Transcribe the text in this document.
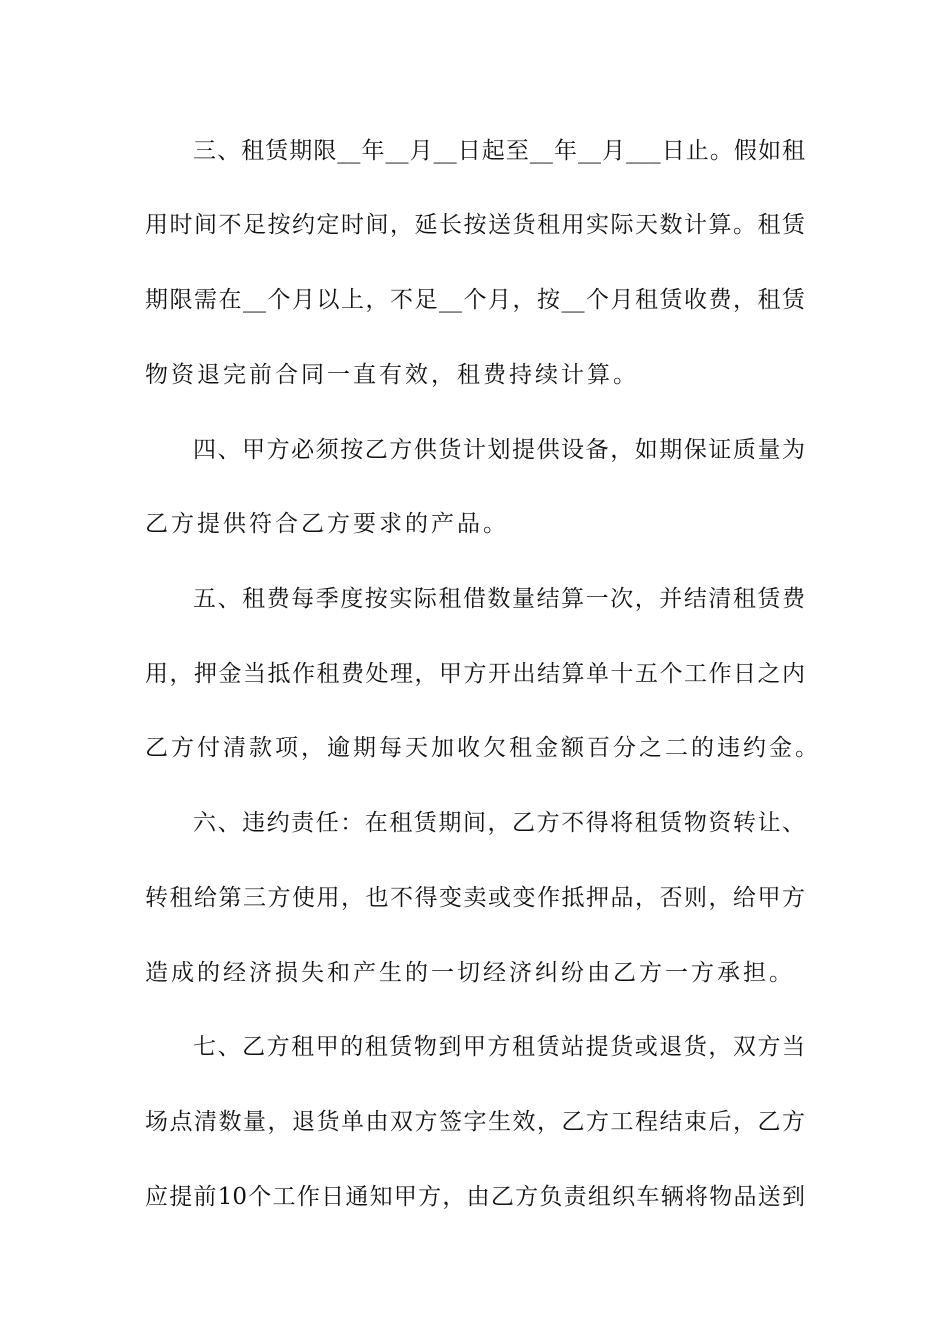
三、租赁期限__年__月__日起至__年__月___日止。假如租
用时间不足按约定时间，延长按送货租用实际天数计算。租赁
期限需在__个月以上，不足__个月，按__个月租赁收费，租赁
物资退完前合同一直有效，租费持续计算。
四、甲方必须按乙方供货计划提供设备，如期保证质量为
乙方提供符合乙方要求的产品。
五、租费每季度按实际租借数量结算一次，并结清租赁费
用，押金当抵作租费处理，甲方开出结算单十五个工作日之内
乙方付清款项，逾期每天加收欠租金额百分之二的违约金。
六、违约责任：在租赁期间，乙方不得将租赁物资转让、
转租给第三方使用，也不得变卖或变作抵押品，否则，给甲方
造成的经济损失和产生的一切经济纠纷由乙方一方承担。
七、乙方租甲的租赁物到甲方租赁站提货或退货，双方当
场点清数量，退货单由双方签字生效，乙方工程结束后，乙方
应提前10个工作日通知甲方，由乙方负责组织车辆将物品送到
